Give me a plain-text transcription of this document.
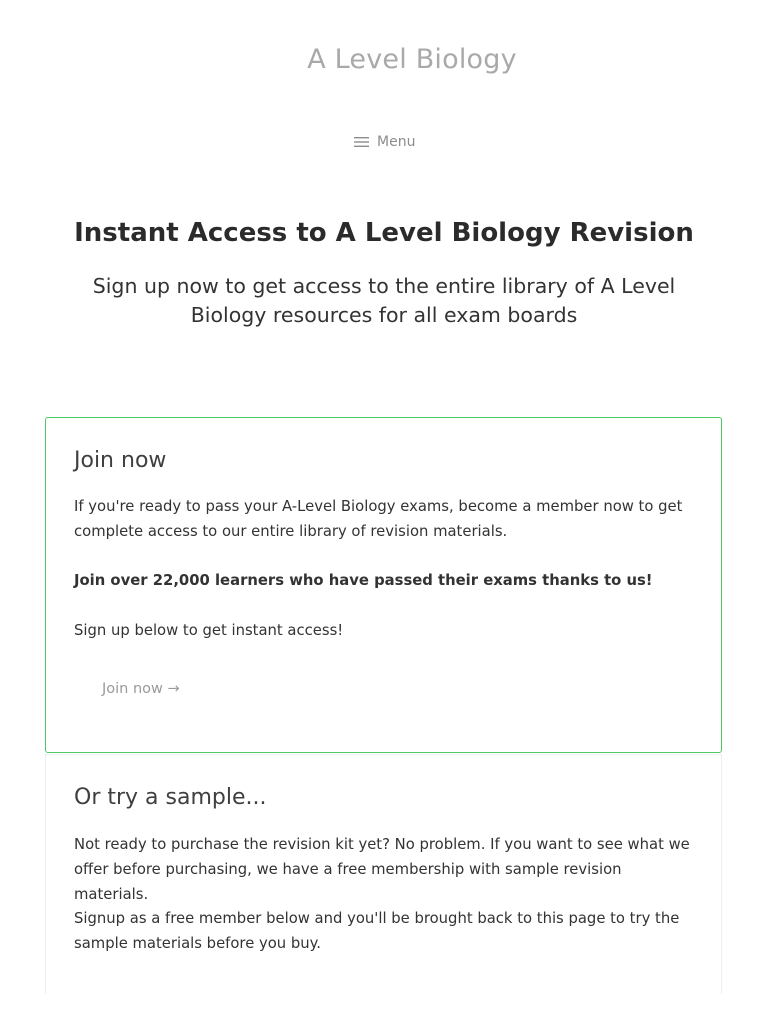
A Level Biology
Menu
Instant Access to A Level Biology Revision

Sign up now to get access to the entire library of A Level Biology resources for all exam boards

Join now

If you're ready to pass your A-Level Biology exams, become a member now to get complete access to our entire library of revision materials.

Join over 22,000 learners who have passed their exams thanks to us!

Sign up below to get instant access!

Join now →
Or try a sample...

Not ready to purchase the revision kit yet? No problem. If you want to see what we offer before purchasing, we have a free membership with sample revision materials.

Signup as a free member below and you'll be brought back to this page to try the sample materials before you buy.
